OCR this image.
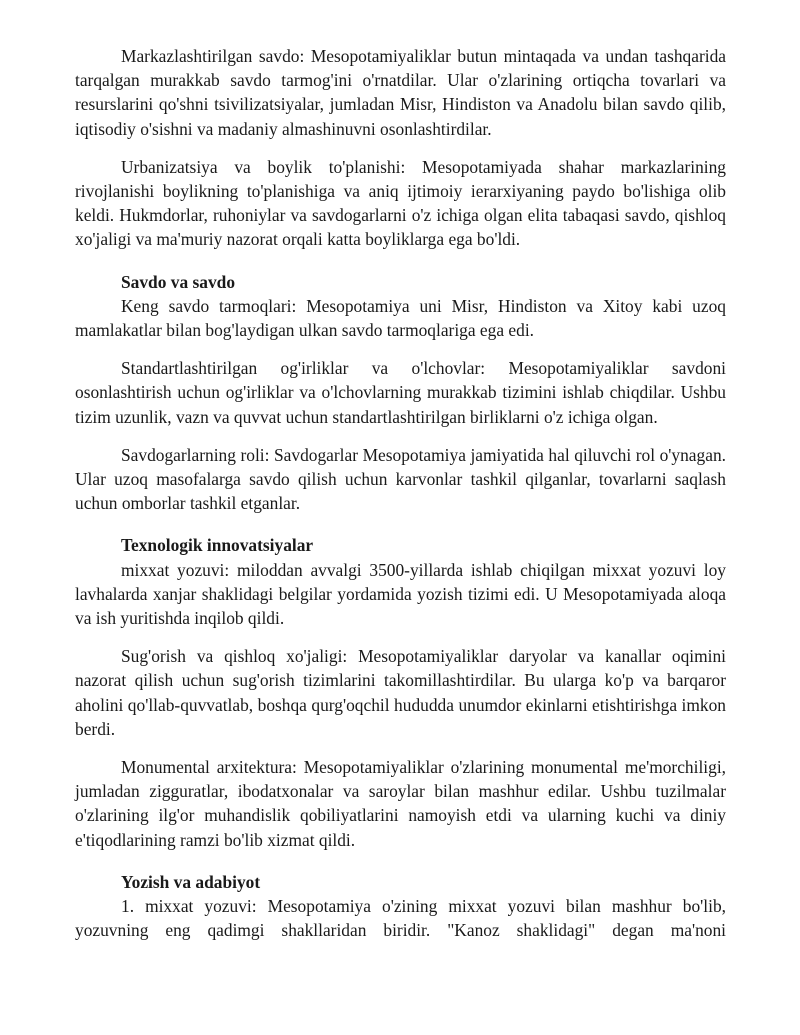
Markazlashtirilgan savdo: Mesopotamiyaliklar butun mintaqada va undan tashqarida tarqalgan murakkab savdo tarmog'ini o'rnatdilar. Ular o'zlarining ortiqcha tovarlari va resurslarini qo'shni tsivilizatsiyalar, jumladan Misr, Hindiston va Anadolu bilan savdo qilib, iqtisodiy o'sishni va madaniy almashinuvni osonlashtirdilar.

Urbanizatsiya va boylik to'planishi: Mesopotamiyada shahar markazlarining rivojlanishi boylikning to'planishiga va aniq ijtimoiy ierarxiyaning paydo bo'lishiga olib keldi. Hukmdorlar, ruhoniylar va savdogarlarni o'z ichiga olgan elita tabaqasi savdo, qishloq xo'jaligi va ma'muriy nazorat orqali katta boyliklarga ega bo'ldi.

Savdo va savdo

Keng savdo tarmoqlari: Mesopotamiya uni Misr, Hindiston va Xitoy kabi uzoq mamlakatlar bilan bog'laydigan ulkan savdo tarmoqlariga ega edi.

Standartlashtirilgan og'irliklar va o'lchovlar: Mesopotamiyaliklar savdoni osonlashtirish uchun og'irliklar va o'lchovlarning murakkab tizimini ishlab chiqdilar. Ushbu tizim uzunlik, vazn va quvvat uchun standartlashtirilgan birliklarni o'z ichiga olgan.

Savdogarlarning roli: Savdogarlar Mesopotamiya jamiyatida hal qiluvchi rol o'ynagan. Ular uzoq masofalarga savdo qilish uchun karvonlar tashkil qilganlar, tovarlarni saqlash uchun omborlar tashkil etganlar.

Texnologik innovatsiyalar

mixxat yozuvi: miloddan avvalgi 3500-yillarda ishlab chiqilgan mixxat yozuvi loy lavhalarda xanjar shaklidagi belgilar yordamida yozish tizimi edi. U Mesopotamiyada aloqa va ish yuritishda inqilob qildi.

Sug'orish va qishloq xo'jaligi: Mesopotamiyaliklar daryolar va kanallar oqimini nazorat qilish uchun sug'orish tizimlarini takomillashtirdilar. Bu ularga ko'p va barqaror aholini qo'llab-quvvatlab, boshqa qurg'oqchil hududda unumdor ekinlarni etishtirishga imkon berdi.

Monumental arxitektura: Mesopotamiyaliklar o'zlarining monumental me'morchiligi, jumladan zigguratlar, ibodatxonalar va saroylar bilan mashhur edilar. Ushbu tuzilmalar o'zlarining ilg'or muhandislik qobiliyatlarini namoyish etdi va ularning kuchi va diniy e'tiqodlarining ramzi bo'lib xizmat qildi.

Yozish va adabiyot

1. mixxat yozuvi: Mesopotamiya o'zining mixxat yozuvi bilan mashhur bo'lib, yozuvning eng qadimgi shakllaridan biridir. "Kanoz shaklidagi" degan ma'noni
